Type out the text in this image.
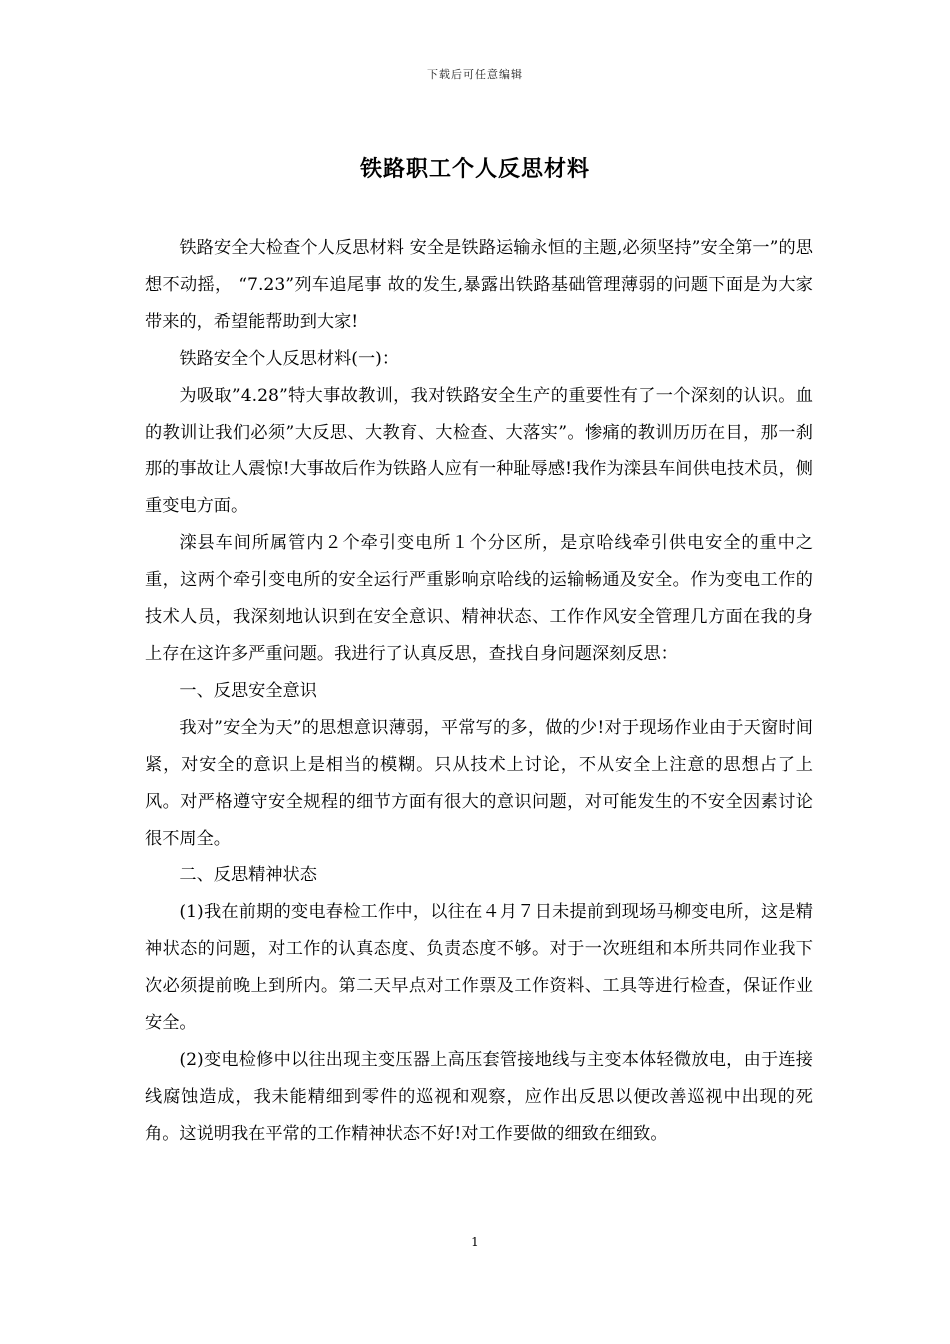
下载后可任意编辑
铁路职工个人反思材料

铁路安全大检查个人反思材料 安全是铁路运输永恒的主题,必须坚持”安全第一”的思想不动摇， “7.23”列车追尾事 故的发生,暴露出铁路基础管理薄弱的问题下面是为大家带来的，希望能帮助到大家!

铁路安全个人反思材料(一)：

为吸取”4.28”特大事故教训，我对铁路安全生产的重要性有了一个深刻的认识。血的教训让我们必须”大反思、大教育、大检查、大落实”。惨痛的教训历历在目，那一刹那的事故让人震惊!大事故后作为铁路人应有一种耻辱感!我作为滦县车间供电技术员，侧重变电方面。

滦县车间所属管内２个牵引变电所１个分区所，是京哈线牵引供电安全的重中之重，这两个牵引变电所的安全运行严重影响京哈线的运输畅通及安全。作为变电工作的技术人员，我深刻地认识到在安全意识、精神状态、工作作风安全管理几方面在我的身上存在这许多严重问题。我进行了认真反思，查找自身问题深刻反思：

一、反思安全意识

我对”安全为天”的思想意识薄弱，平常写的多，做的少!对于现场作业由于天窗时间紧，对安全的意识上是相当的模糊。只从技术上讨论，不从安全上注意的思想占了上风。对严格遵守安全规程的细节方面有很大的意识问题，对可能发生的不安全因素讨论很不周全。

二、反思精神状态

(1)我在前期的变电春检工作中，以往在４月７日未提前到现场马柳变电所，这是精神状态的问题，对工作的认真态度、负责态度不够。对于一次班组和本所共同作业我下次必须提前晚上到所内。第二天早点对工作票及工作资料、工具等进行检查，保证作业安全。

(2)变电检修中以往出现主变压器上高压套管接地线与主变本体轻微放电，由于连接线腐蚀造成，我未能精细到零件的巡视和观察，应作出反思以便改善巡视中出现的死角。这说明我在平常的工作精神状态不好!对工作要做的细致在细致。

1
